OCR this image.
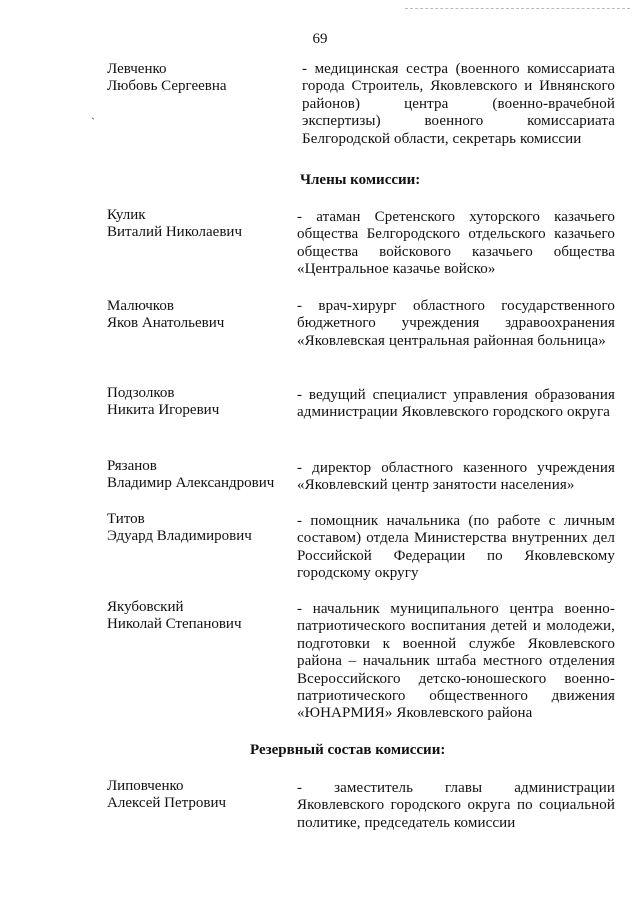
69
ˎ
Левченко
Любовь Сергеевна
- медицинская сестра (военного комиссариата города Строитель, Яковлевского и Ивнянского районов) центра (военно-врачебной экспертизы) военного комиссариата Белгородской области, секретарь комиссии
Члены комиссии:
Кулик
Виталий Николаевич
- атаман Сретенского хуторского казачьего общества Белгородского отдельского казачьего общества войскового казачьего общества «Центральное казачье войско»
Малючков
Яков Анатольевич
- врач-хирург областного государственного бюджетного учреждения здравоохранения «Яковлевская центральная районная больница»
Подзолков
Никита Игоревич
- ведущий специалист управления образования администрации Яковлевского городского округа
Рязанов
Владимир Александрович
- директор областного казенного учреждения «Яковлевский центр занятости населения»
Титов
Эдуард Владимирович
- помощник начальника (по работе с личным составом) отдела Министерства внутренних дел Российской Федерации по Яковлевскому городскому округу
Якубовский
Николай Степанович
- начальник муниципального центра военно-патриотического воспитания детей и молодежи, подготовки к военной службе Яковлевского района – начальник штаба местного отделения Всероссийского детско-юношеского военно-патриотического общественного движения «ЮНАРМИЯ» Яковлевского района
Резервный состав комиссии:
Липовченко
Алексей Петрович
- заместитель главы администрации Яковлевского городского округа по социальной политике, председатель комиссии
